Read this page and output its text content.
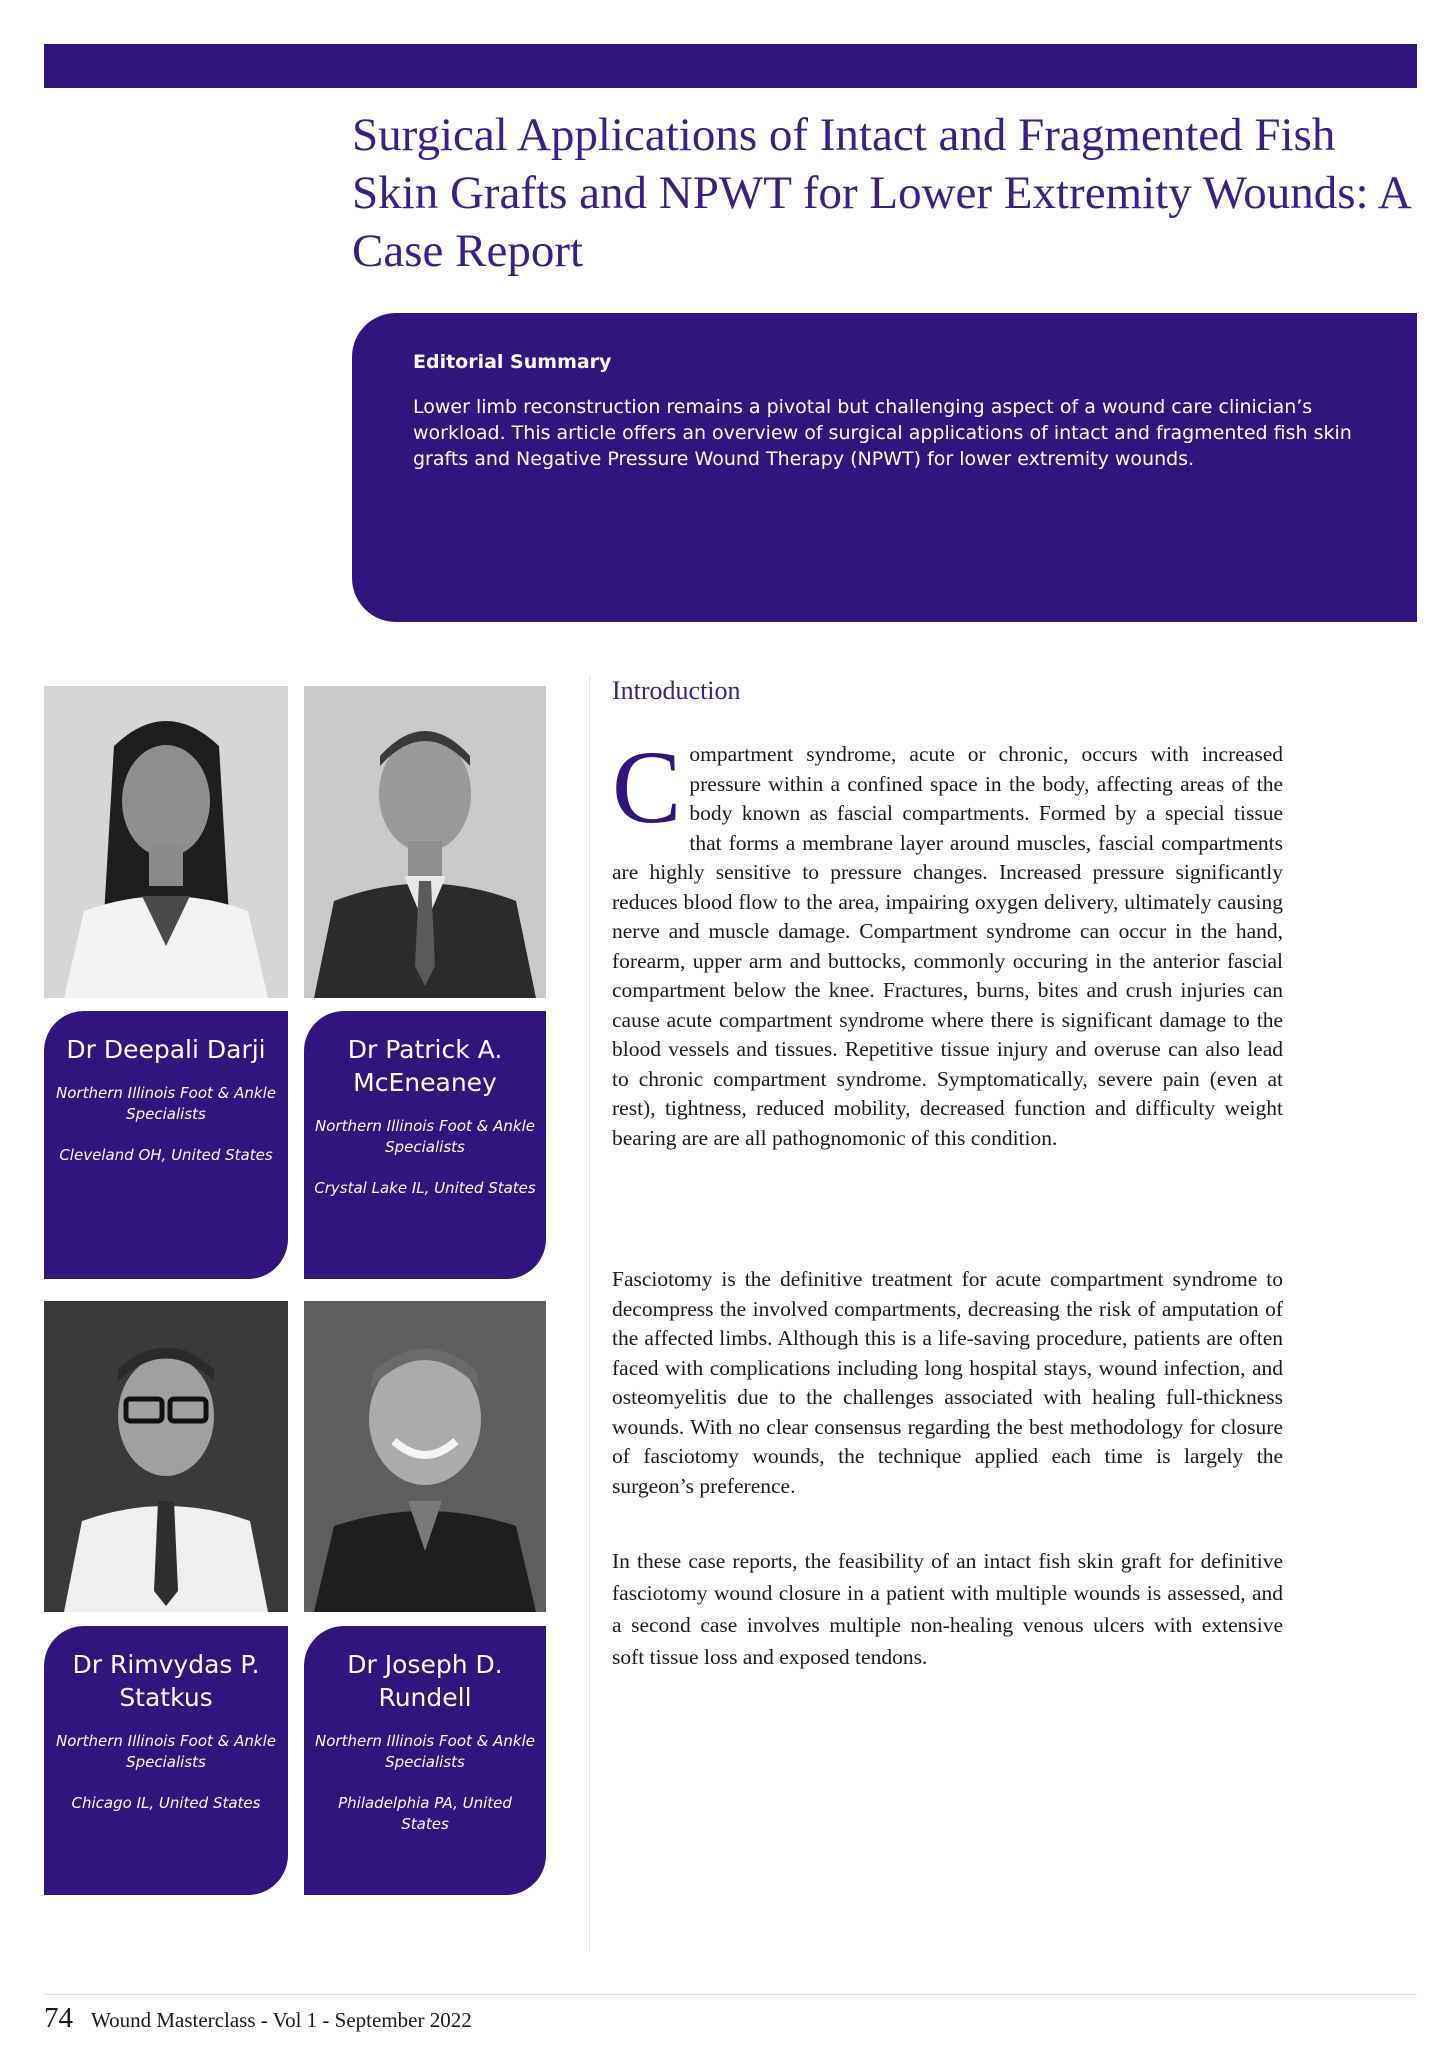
Surgical Applications of Intact and Fragmented Fish Skin Grafts and NPWT for Lower Extremity Wounds: A Case Report
Editorial Summary

Lower limb reconstruction remains a pivotal but challenging aspect of a wound care clinician’s workload. This article offers an overview of surgical applications of intact and fragmented fish skin grafts and Negative Pressure Wound Therapy (NPWT) for lower extremity wounds.

Dr Deepali Darji

Northern Illinois Foot & Ankle Specialists

Cleveland OH, United States

Dr Patrick A. McEneaney

Northern Illinois Foot & Ankle Specialists

Crystal Lake IL, United States

Dr Rimvydas P. Statkus

Northern Illinois Foot & Ankle Specialists

Chicago IL, United States

Dr Joseph D. Rundell

Northern Illinois Foot & Ankle Specialists

Philadelphia PA, United States

Introduction

Compartment syndrome, acute or chronic, occurs with increased pressure within a confined space in the body, affecting areas of the body known as fascial compartments. Formed by a special tissue that forms a membrane layer around muscles, fascial compartments are highly sensitive to pressure changes. Increased pressure significantly reduces blood flow to the area, impairing oxygen delivery, ultimately causing nerve and muscle damage. Compartment syndrome can occur in the hand, forearm, upper arm and buttocks, commonly occuring in the anterior fascial compartment below the knee. Fractures, burns, bites and crush injuries can cause acute compartment syndrome where there is significant damage to the blood vessels and tissues. Repetitive tissue injury and overuse can also lead to chronic compartment syndrome. Symptomatically, severe pain (even at rest), tightness, reduced mobility, decreased function and difficulty weight bearing are are all pathognomonic of this condition.

Fasciotomy is the definitive treatment for acute compartment syndrome to decompress the involved compartments, decreasing the risk of amputation of the affected limbs. Although this is a life-saving procedure, patients are often faced with complications including long hospital stays, wound infection, and osteomyelitis due to the challenges associated with healing full-thickness wounds. With no clear consensus regarding the best methodology for closure of fasciotomy wounds, the technique applied each time is largely the surgeon’s preference.

In these case reports, the feasibility of an intact fish skin graft for definitive fasciotomy wound closure in a patient with multiple wounds is assessed, and a second case involves multiple non-healing venous ulcers with extensive soft tissue loss and exposed tendons.

74 Wound Masterclass - Vol 1 - September 2022
